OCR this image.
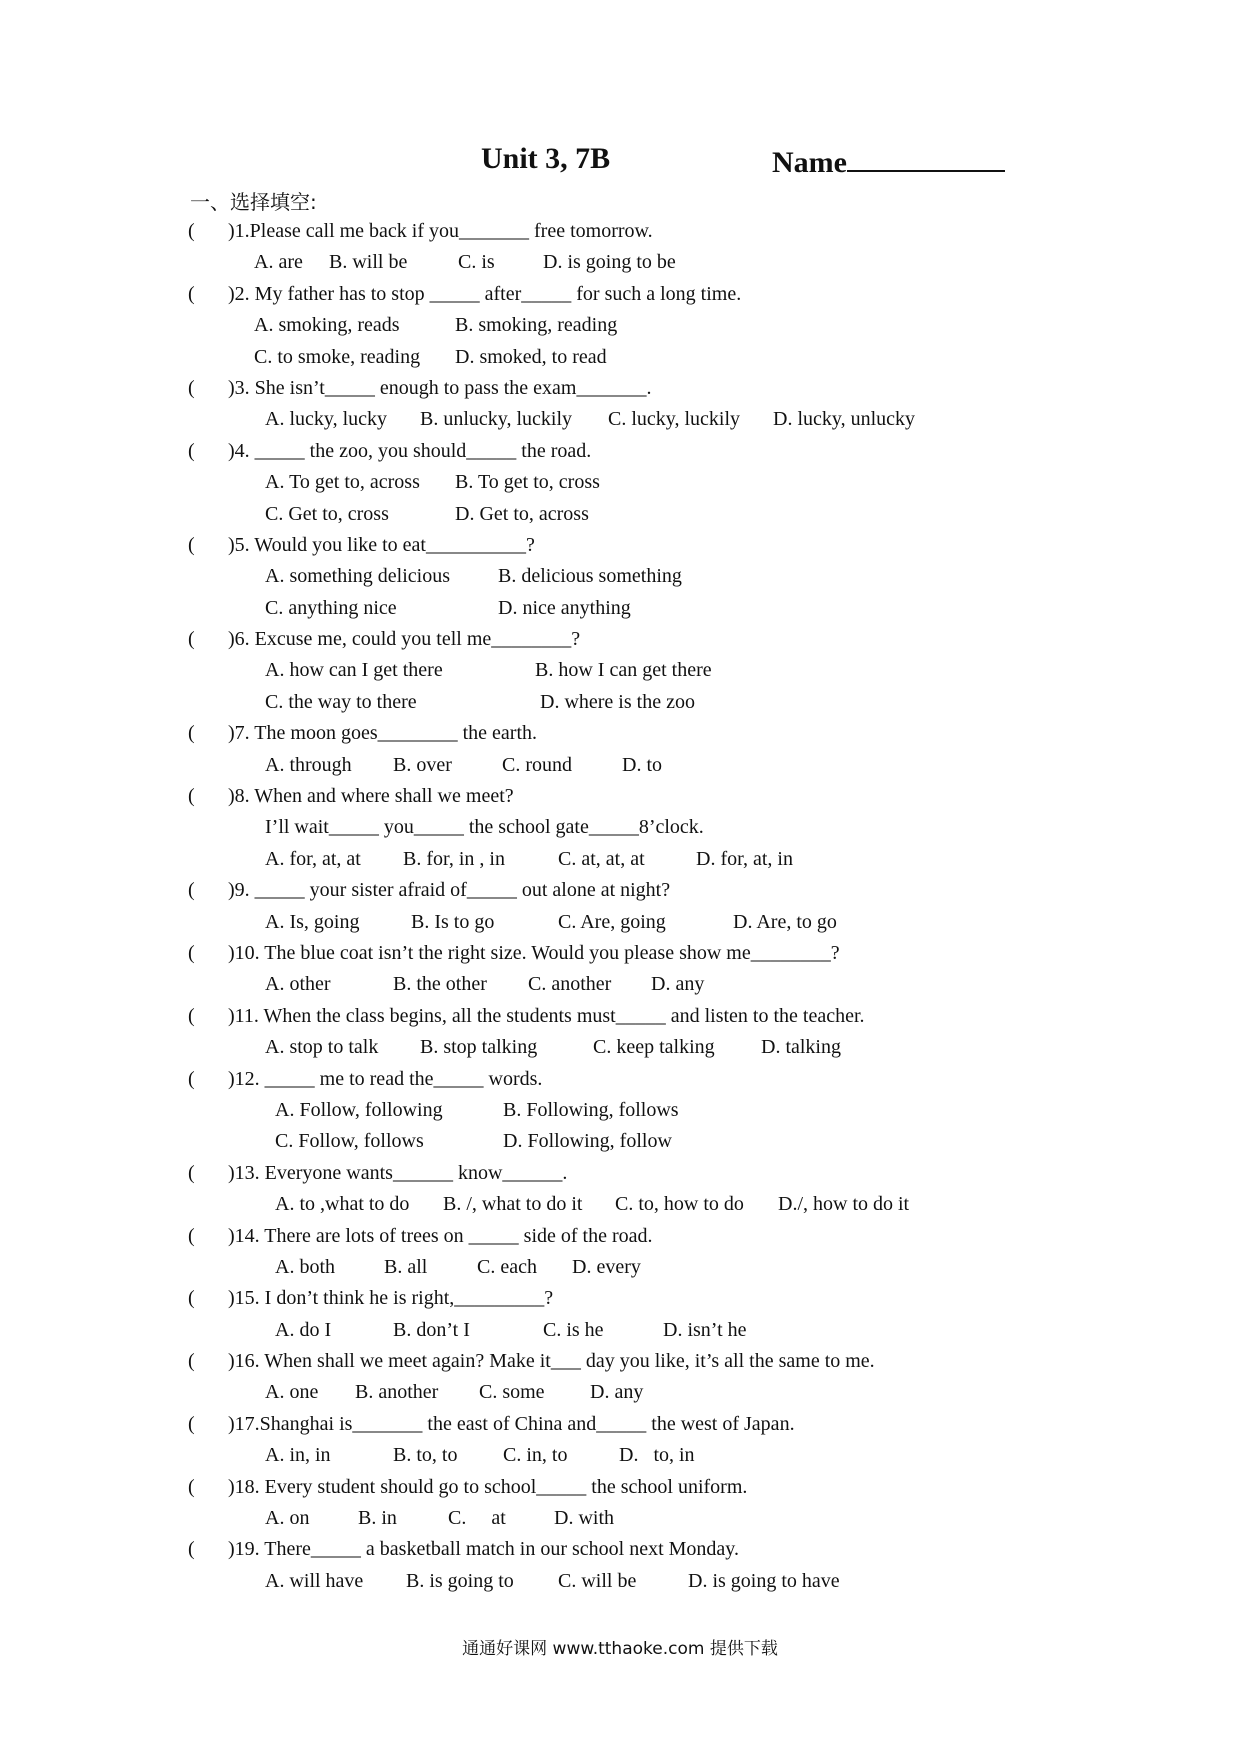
Unit 3, 7B	Name
一、选择填空:
( )1.Please call me back if you_______ free tomorrow.
A. are B. will be	C. is D. is going to be
( )2. My father has to stop _____ after_____ for such a long time.
A. smoking, reads	B. smoking, reading
C. to smoke, reading D. smoked, to read
( )3. She isn’t_____ enough to pass the exam_______.
A. lucky, lucky B. unlucky, luckily C. lucky, luckily D. lucky, unlucky
( )4. _____ the zoo, you should_____ the road.
A. To get to, across B. To get to, cross
C. Get to, cross	D. Get to, across
( )5. Would you like to eat__________?
A. something delicious B. delicious something
C. anything nice	D. nice anything
( )6. Excuse me, could you tell me________?
A. how can I get there	B. how I can get there
C. the way to there	D. where is the zoo
( )7. The moon goes________ the earth.
A. through B. over	C. round	D. to
( )8. When and where shall we meet?
I’ll wait_____ you_____ the school gate_____8’clock.
A. for, at, at B. for, in , in	C. at, at, at	D. for, at, in
( )9. _____ your sister afraid of_____ out alone at night?
A. Is, going	B. Is to go	C. Are, going	D. Are, to go
( )10. The blue coat isn’t the right size. Would you please show me________?
A. other	B. the other C. another D. any
( )11. When the class begins, all the students must_____ and listen to the teacher.
A. stop to talk B. stop talking	C. keep talking D. talking
( )12. _____ me to read the_____ words.
A. Follow, following	B. Following, follows
C. Follow, follows	D. Following, follow
( )13. Everyone wants______ know______.
A. to ,what to do B. /, what to do it C. to, how to do D./, how to do it
( )14. There are lots of trees on _____ side of the road.
A. both B. all C. each D. every
( )15. I don’t think he is right,_________?
A. do I	B. don’t I	C. is he	D. isn’t he
( )16. When shall we meet again? Make it___ day you like, it’s all the same to me.
A. one B. another C. some D. any
( )17.Shanghai is_______ the east of China and_____ the west of Japan.
A. in, in	B. to, to C. in, to	D.   to, in
( )18. Every student should go to school_____ the school uniform.
A. on B. in	C.     at D. with
( )19. There_____ a basketball match in our school next Monday.
A. will have B. is going to C. will be	D. is going to have
通通好课网 www.tthaoke.com 提供下载
